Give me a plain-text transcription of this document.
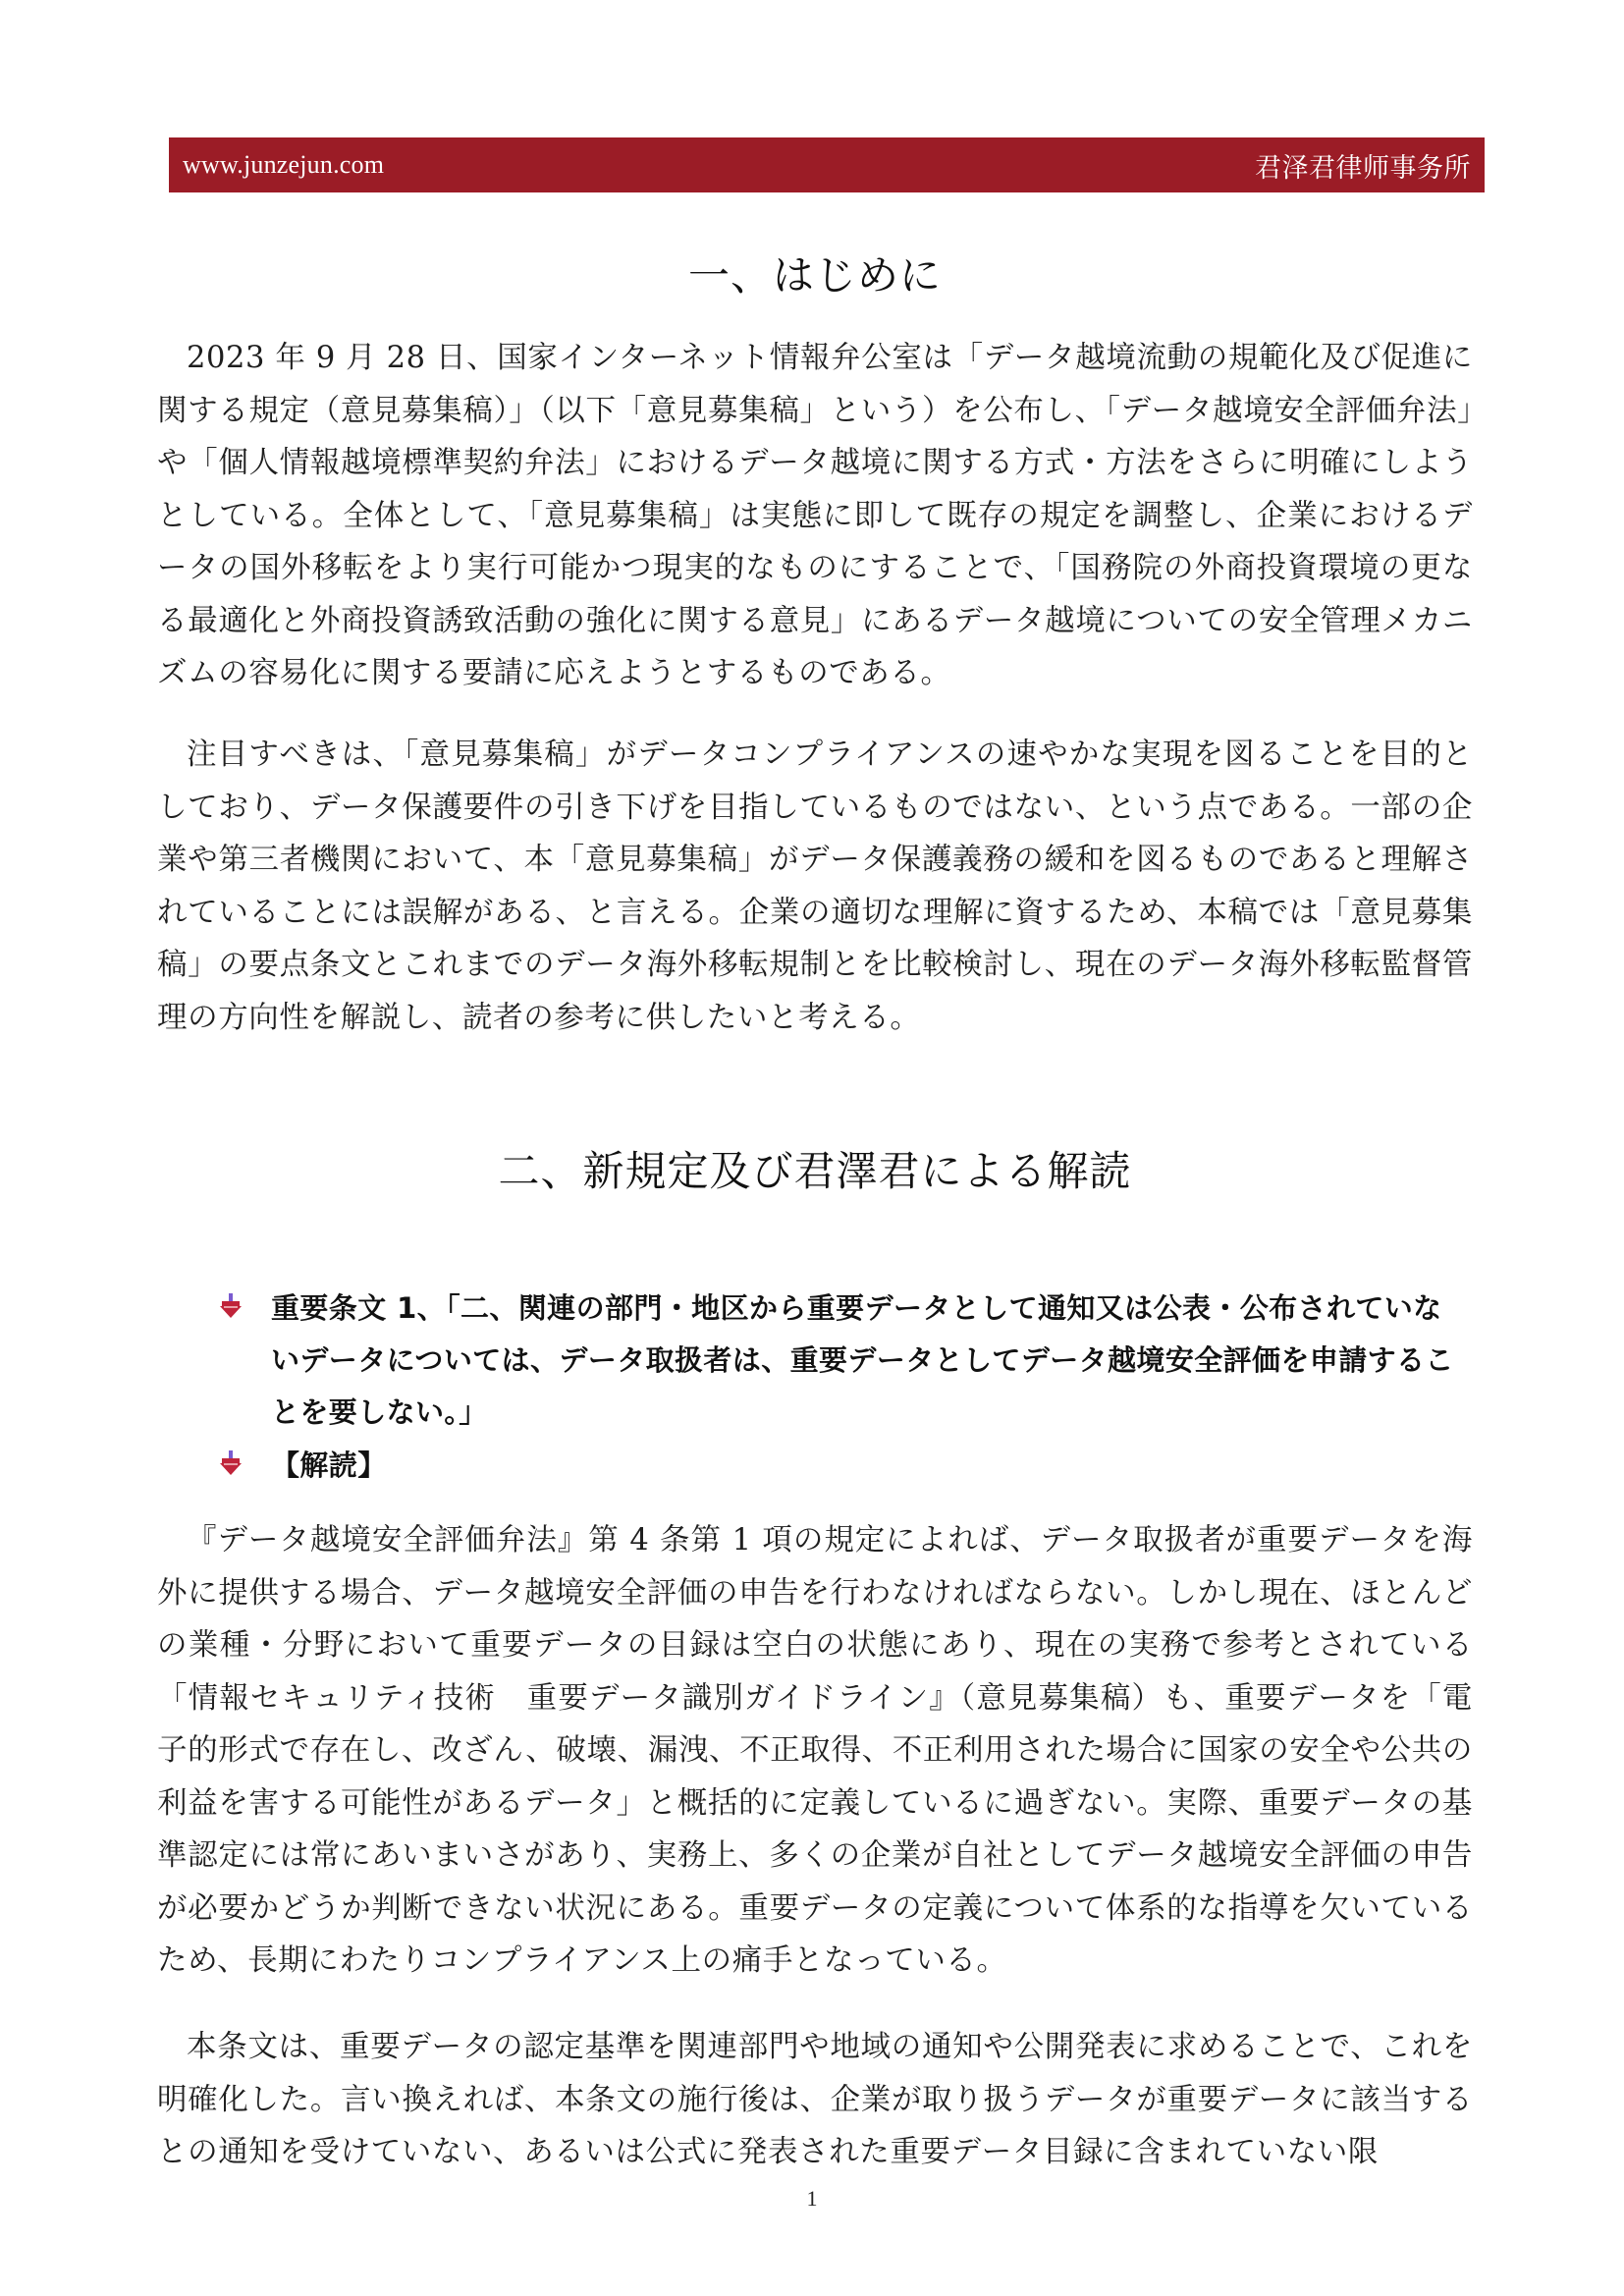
www.junzejun.com	君泽君律师事务所
一、はじめに

2023 年 9 月 28 日、国家インターネット情報弁公室は「データ越境流動の規範化及び促進に関する規定（意見募集稿）」（以下「意見募集稿」という）を公布し、「データ越境安全評価弁法」や「個人情報越境標準契約弁法」におけるデータ越境に関する方式・方法をさらに明確にしようとしている。全体として、「意見募集稿」は実態に即して既存の規定を調整し、企業におけるデータの国外移転をより実行可能かつ現実的なものにすることで、「国務院の外商投資環境の更なる最適化と外商投資誘致活動の強化に関する意見」にあるデータ越境についての安全管理メカニズムの容易化に関する要請に応えようとするものである。

注目すべきは、「意見募集稿」がデータコンプライアンスの速やかな実現を図ることを目的としており、データ保護要件の引き下げを目指しているものではない、という点である。一部の企業や第三者機関において、本「意見募集稿」がデータ保護義務の緩和を図るものであると理解されていることには誤解がある、と言える。企業の適切な理解に資するため、本稿では「意見募集稿」の要点条文とこれまでのデータ海外移転規制とを比較検討し、現在のデータ海外移転監督管理の方向性を解説し、読者の参考に供したいと考える。

二、新規定及び君澤君による解読
重要条文 1、「二、関連の部門・地区から重要データとして通知又は公表・公布されていないデータについては、データ取扱者は、重要データとしてデータ越境安全評価を申請することを要しない。」
【解読】

『データ越境安全評価弁法』第 4 条第 1 項の規定によれば、データ取扱者が重要データを海外に提供する場合、データ越境安全評価の申告を行わなければならない。しかし現在、ほとんどの業種・分野において重要データの目録は空白の状態にあり、現在の実務で参考とされている「情報セキュリティ技術　重要データ識別ガイドライン』（意見募集稿）も、重要データを「電子的形式で存在し、改ざん、破壊、漏洩、不正取得、不正利用された場合に国家の安全や公共の利益を害する可能性があるデータ」と概括的に定義しているに過ぎない。実際、重要データの基準認定には常にあいまいさがあり、実務上、多くの企業が自社としてデータ越境安全評価の申告が必要かどうか判断できない状況にある。重要データの定義について体系的な指導を欠いているため、長期にわたりコンプライアンス上の痛手となっている。

本条文は、重要データの認定基準を関連部門や地域の通知や公開発表に求めることで、これを明確化した。言い換えれば、本条文の施行後は、企業が取り扱うデータが重要データに該当するとの通知を受けていない、あるいは公式に発表された重要データ目録に含まれていない限

1
